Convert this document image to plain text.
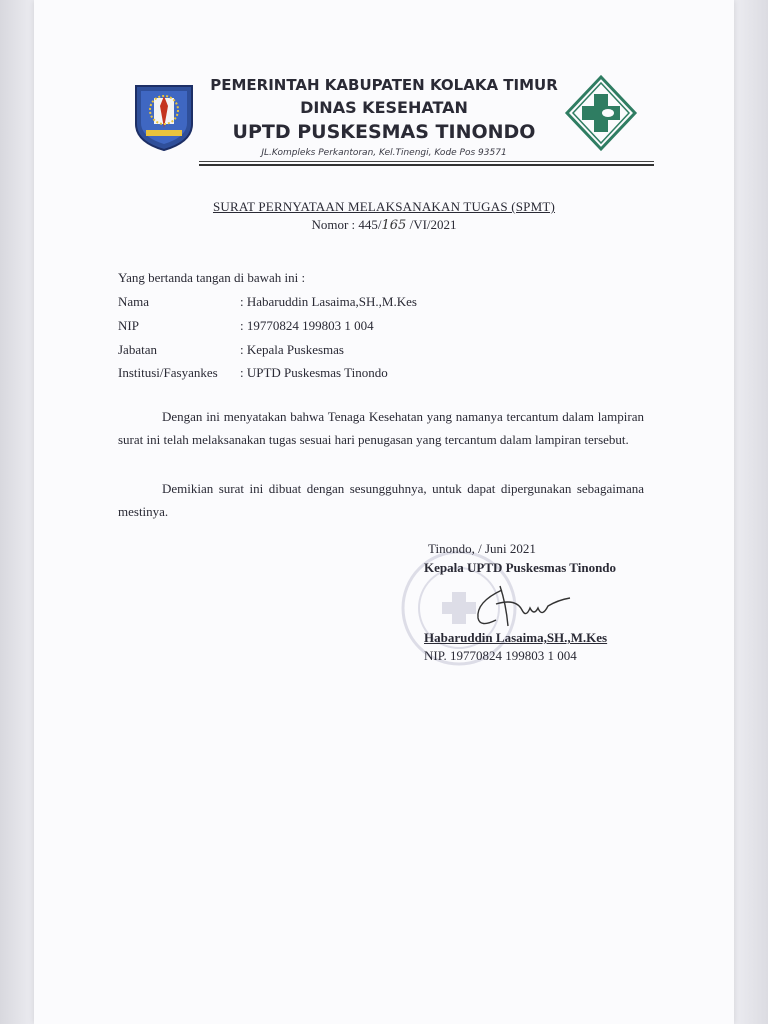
PEMERINTAH KABUPATEN KOLAKA TIMUR
DINAS KESEHATAN
UPTD PUSKESMAS TINONDO
JL.Kompleks Perkantoran, Kel.Tinengi, Kode Pos 93571
SURAT PERNYATAAN MELAKSANAKAN TUGAS (SPMT)
Nomor : 445/165 /VI/2021
Yang bertanda tangan di bawah ini :
Nama	: Habaruddin Lasaima,SH.,M.Kes
NIP	: 19770824 199803 1 004
Jabatan	: Kepala Puskesmas
Institusi/Fasyankes : UPTD Puskesmas Tinondo
Dengan ini menyatakan bahwa Tenaga Kesehatan yang namanya tercantum dalam lampiran surat ini telah melaksanakan tugas sesuai hari penugasan yang tercantum dalam lampiran tersebut.
Demikian surat ini dibuat dengan sesungguhnya, untuk dapat dipergunakan sebagaimana mestinya.
Tinondo, / Juni 2021
Kepala UPTD Puskesmas Tinondo
Habaruddin Lasaima,SH.,M.Kes
NIP. 19770824 199803 1 004
